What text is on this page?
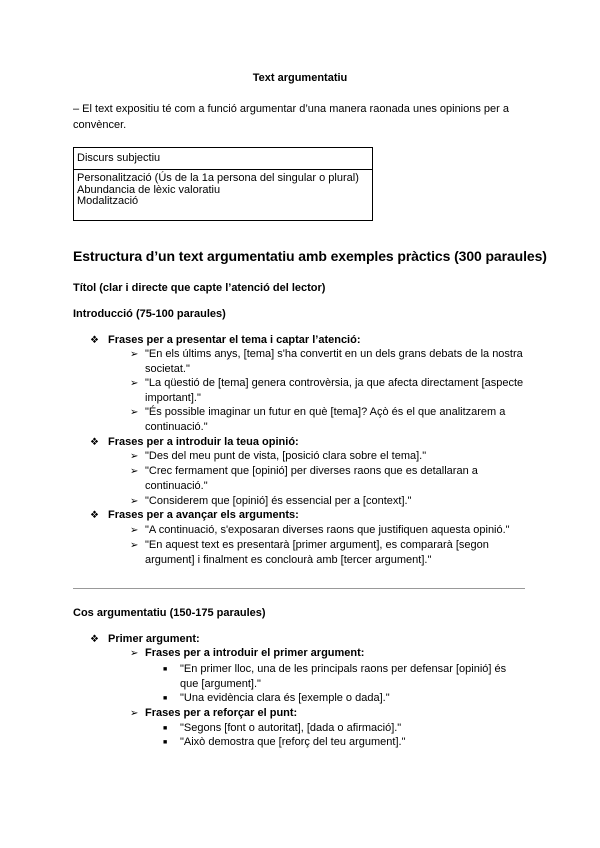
Text argumentatiu
– El text expositiu té com a funció argumentar d’una manera raonada unes opinions per a
convèncer.
Discurs subjectiu
Personalització (Ús de la 1a persona del singular o plural)
Abundancia de lèxic valoratiu
Modalització
Estructura d’un text argumentatiu amb exemples pràctics (300 paraules)
Títol (clar i directe que capte l’atenció del lector)
Introducció (75-100 paraules)
❖ Frases per a presentar el tema i captar l’atenció:
➢ "En els últims anys, [tema] s'ha convertit en un dels grans debats de la nostra
societat."
➢ "La qüestió de [tema] genera controvèrsia, ja que afecta directament [aspecte
important]."
➢ "És possible imaginar un futur en què [tema]? Açò és el que analitzarem a
continuació."
❖ Frases per a introduir la teua opinió:
➢ "Des del meu punt de vista, [posició clara sobre el tema]."
➢ "Crec fermament que [opinió] per diverses raons que es detallaran a
continuació."
➢ "Considerem que [opinió] és essencial per a [context]."
❖ Frases per a avançar els arguments:
➢ "A continuació, s'exposaran diverses raons que justifiquen aquesta opinió."
➢ "En aquest text es presentarà [primer argument], es compararà [segon
argument] i finalment es conclourà amb [tercer argument]."
Cos argumentatiu (150-175 paraules)
❖ Primer argument:
➢ Frases per a introduir el primer argument:
■ "En primer lloc, una de les principals raons per defensar [opinió] és
que [argument]."
■ "Una evidència clara és [exemple o dada]."
➢ Frases per a reforçar el punt:
■ "Segons [font o autoritat], [dada o afirmació]."
■ "Això demostra que [reforç del teu argument]."
